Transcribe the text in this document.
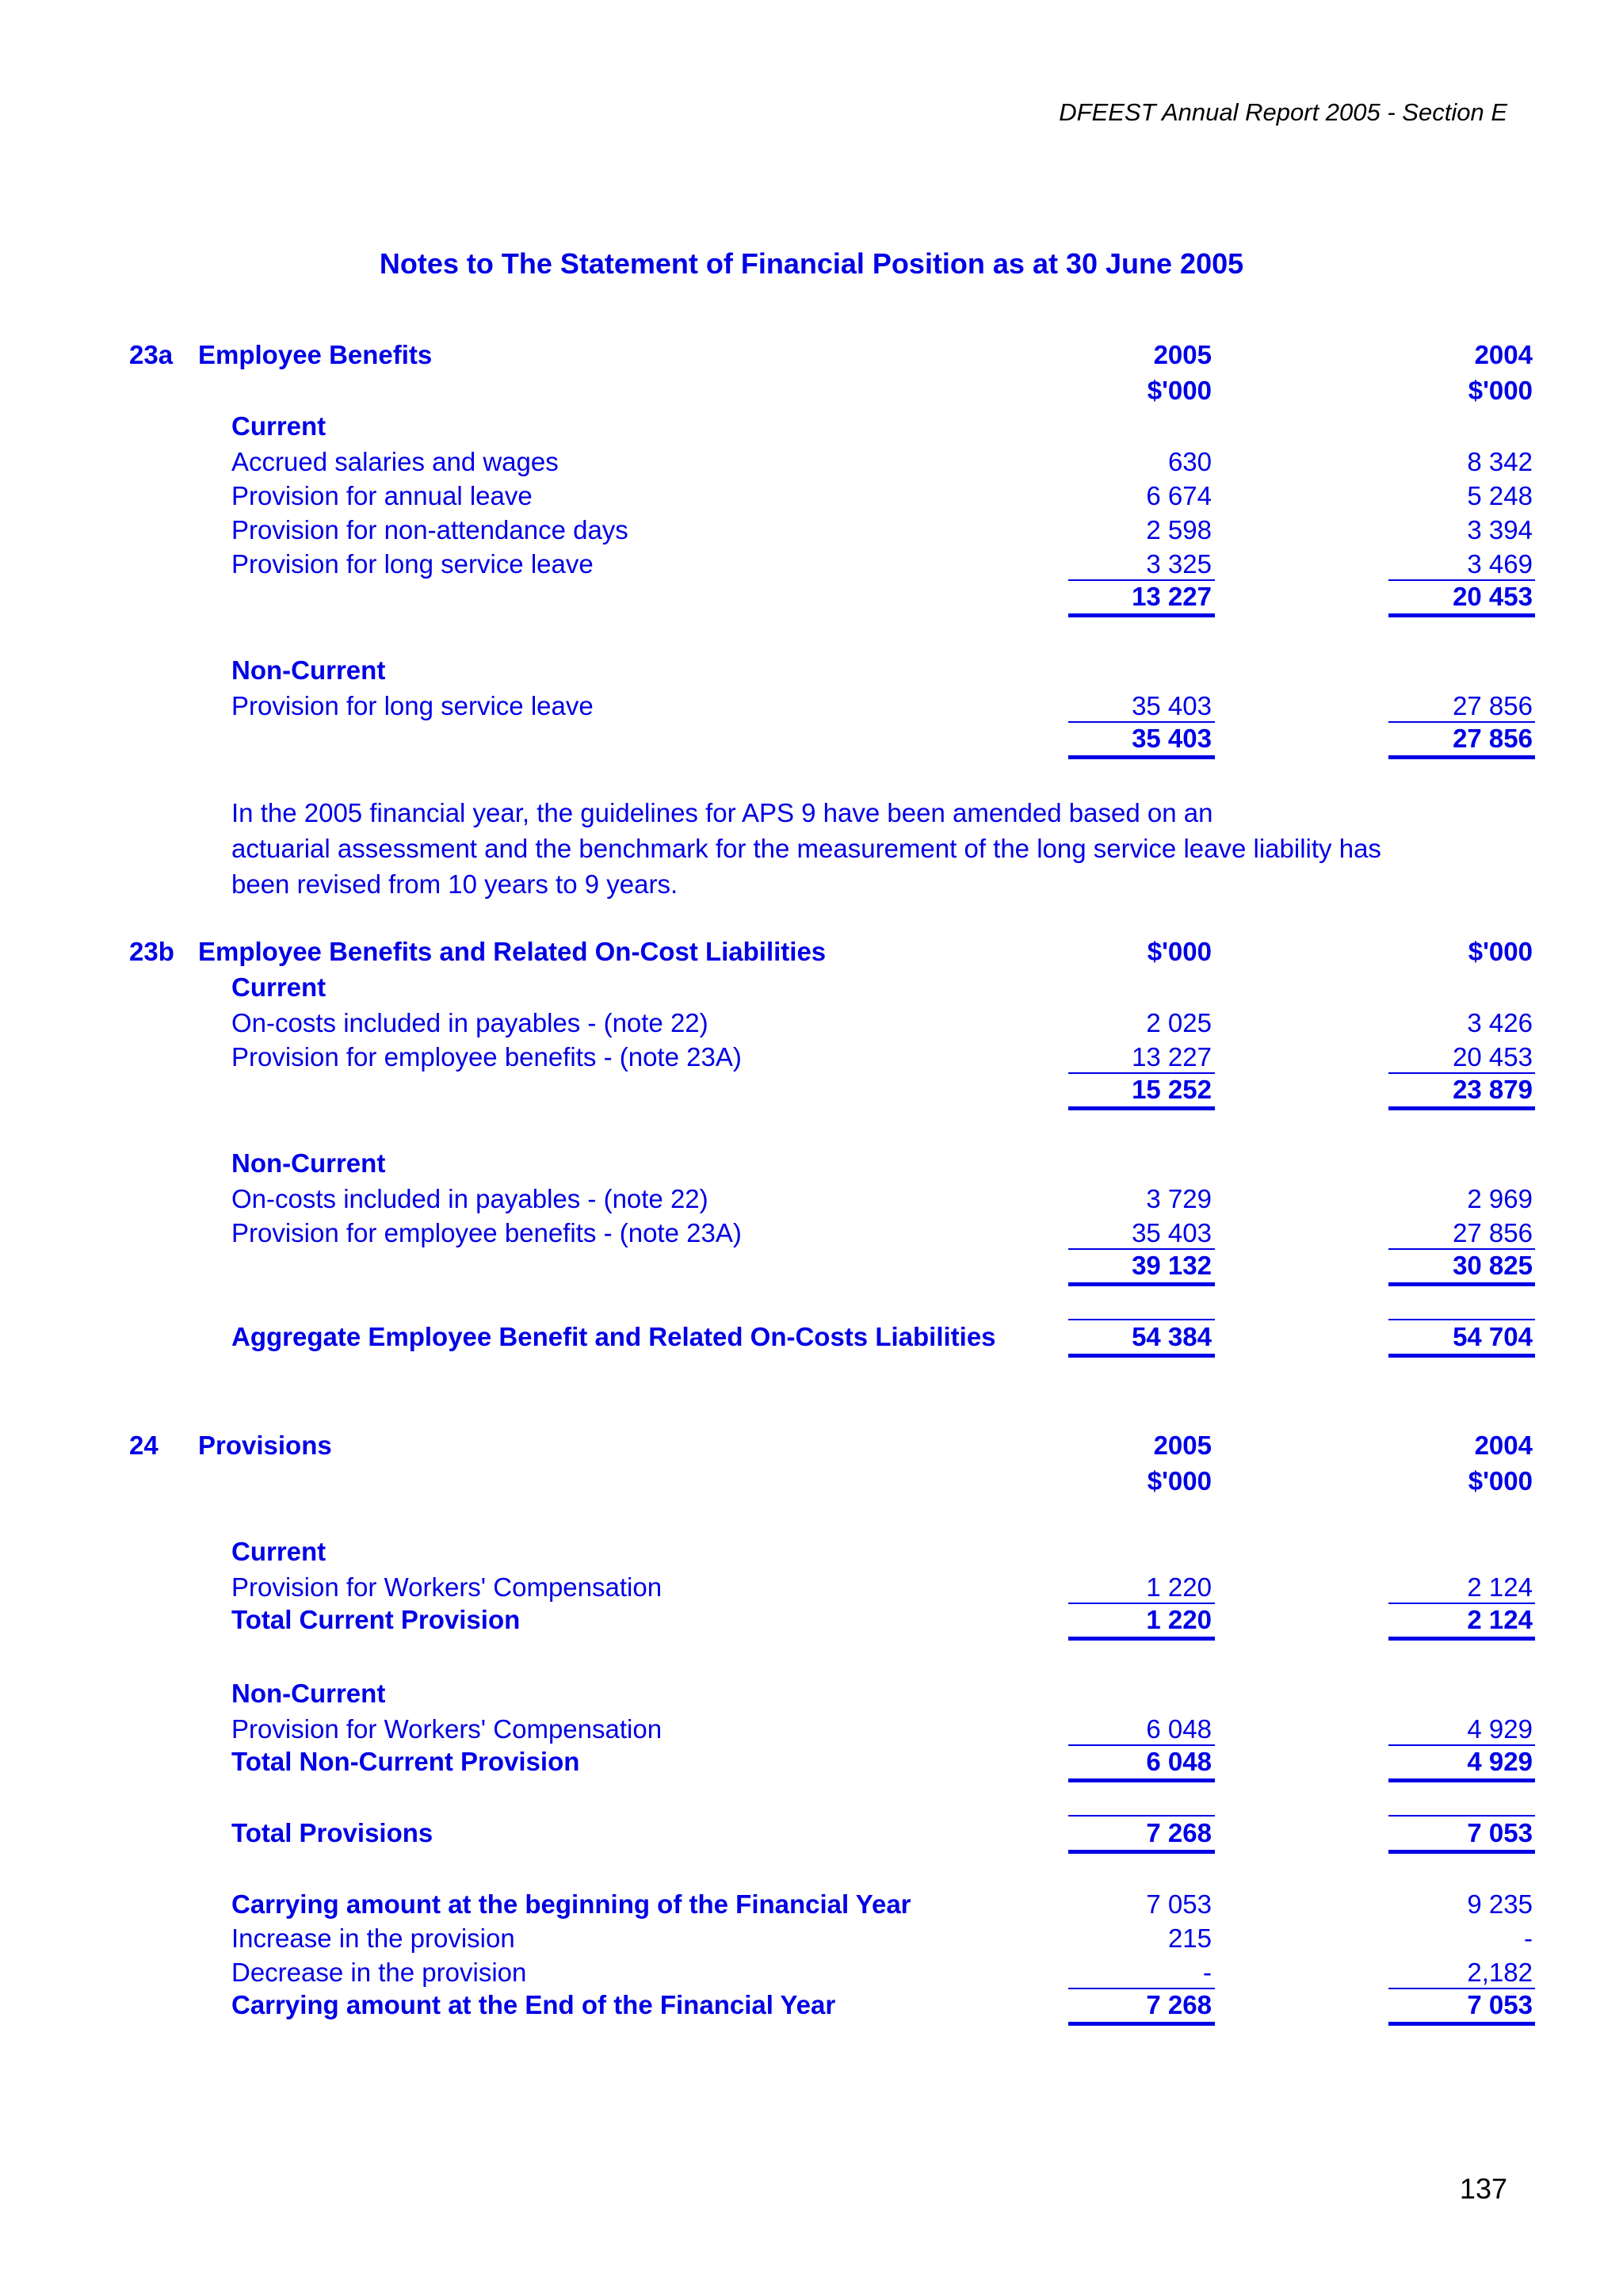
DFEEST Annual Report 2005 - Section E
Notes to The Statement of Financial Position as at 30 June 2005
23a Employee Benefits	2005	2004
$'000	$'000
Current
Accrued salaries and wages	630	8 342
Provision for annual leave	6 674	5 248
Provision for non-attendance days	2 598	3 394
Provision for long service leave	3 325	3 469
13 227	20 453
Non-Current
Provision for long service leave	35 403	27 856
35 403	27 856
In the 2005 financial year, the guidelines for APS 9 have been amended based on an
actuarial assessment and the benchmark for the measurement of the long service leave liability has
been revised from 10 years to 9 years.
23b Employee Benefits and Related On-Cost Liabilities	$'000	$'000
Current
On-costs included in payables - (note 22)	2 025	3 426
Provision for employee benefits - (note 23A)	13 227	20 453
15 252	23 879
Non-Current
On-costs included in payables - (note 22)	3 729	2 969
Provision for employee benefits - (note 23A)	35 403	27 856
39 132	30 825
Aggregate Employee Benefit and Related On-Costs Liabilities	54 384	54 704
24 Provisions	2005	2004
$'000	$'000
Current
Provision for Workers' Compensation	1 220	2 124
Total Current Provision	1 220	2 124
Non-Current
Provision for Workers' Compensation	6 048	4 929
Total Non-Current Provision	6 048	4 929
Total Provisions	7 268	7 053
Carrying amount at the beginning of the Financial Year	7 053	9 235
Increase in the provision	215	-
Decrease in the provision	-	2,182
Carrying amount at the End of the Financial Year	7 268	7 053
137
